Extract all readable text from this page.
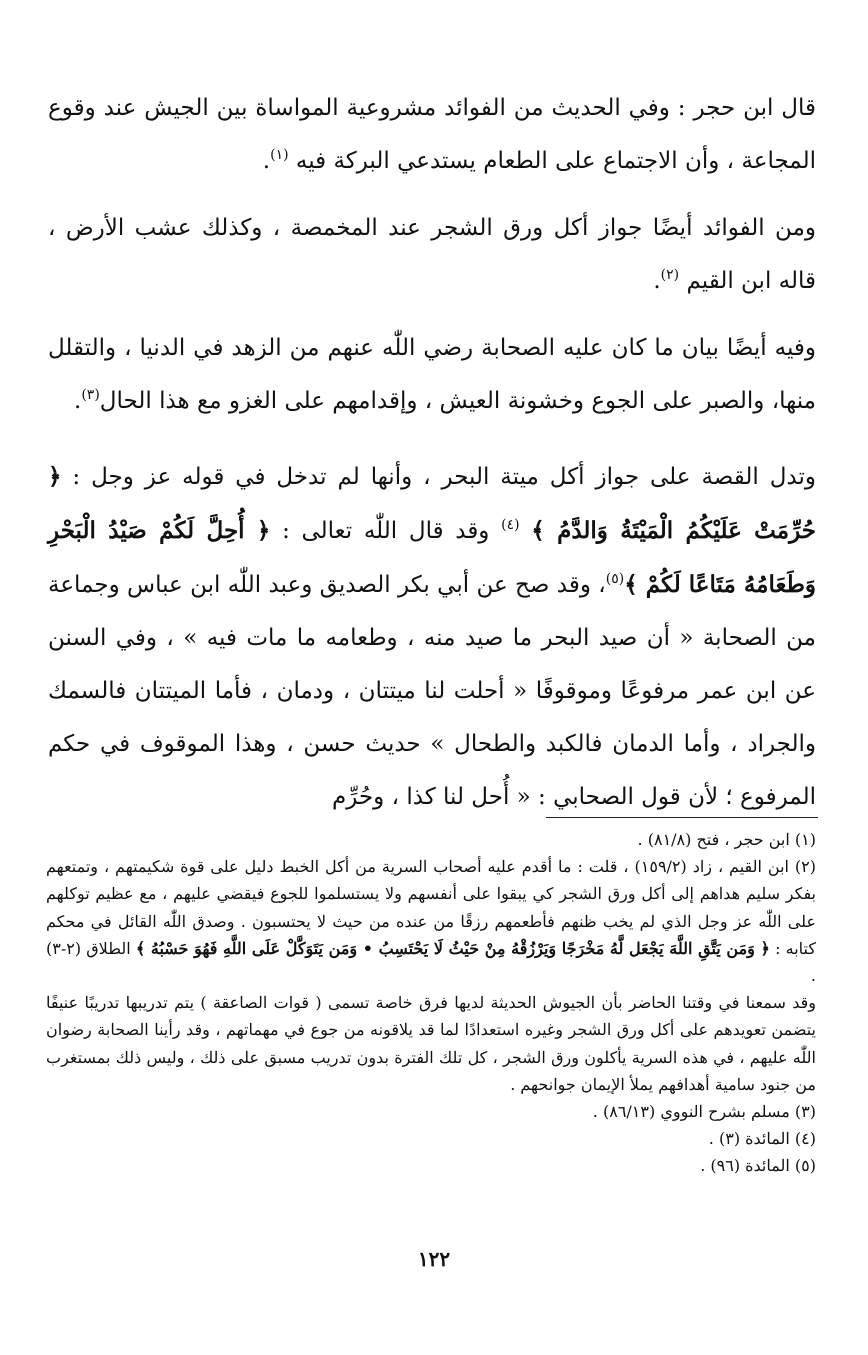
قال ابن حجر : وفي الحديث من الفوائد مشروعية المواساة بين الجيش عند وقوع المجاعة ، وأن الاجتماع على الطعام يستدعي البركة فيه $^{(١)}$.

ومن الفوائد أيضًا جواز أكل ورق الشجر عند المخمصة ، وكذلك عشب الأرض ، قاله ابن القيم $^{(٢)}$.

وفيه أيضًا بيان ما كان عليه الصحابة رضي اللّٰه عنهم من الزهد في الدنيا ، والتقلل منها، والصبر على الجوع وخشونة العيش ، وإقدامهم على الغزو مع هذا الحال$^{(٣)}$.

وتدل القصة على جواز أكل ميتة البحر ، وأنها لم تدخل في قوله عز وجل : ﴿ حُرِّمَتْ عَلَيْكُمُ الْمَيْتَةُ وَالدَّمُ ﴾ $^{(٤)}$ وقد قال اللّٰه تعالى : ﴿ أُحِلَّ لَكُمْ صَيْدُ الْبَحْرِ وَطَعَامُهُ مَتَاعًا لَكُمْ ﴾$^{(٥)}$، وقد صح عن أبي بكر الصديق وعبد اللّٰه ابن عباس وجماعة من الصحابة « أن صيد البحر ما صيد منه ، وطعامه ما مات فيه » ، وفي السنن عن ابن عمر مرفوعًا وموقوفًا « أحلت لنا ميتتان ، ودمان ، فأما الميتتان فالسمك والجراد ، وأما الدمان فالكبد والطحال » حديث حسن ، وهذا الموقوف في حكم المرفوع ؛ لأن قول الصحابي : « أُحل لنا كذا ، وحُرِّم

(١) ابن حجر ، فتح (٨١/٨) .

(٢) ابن القيم ، زاد (١٥٩/٢) ، قلت : ما أقدم عليه أصحاب السرية من أكل الخبط دليل على قوة شكيمتهم ، وتمتعهم بفكر سليم هداهم إلى أكل ورق الشجر كي يبقوا على أنفسهم ولا يستسلموا للجوع فيقضي عليهم ، مع عظيم توكلهم على اللّٰه عز وجل الذي لم يخب ظنهم فأطعمهم رزقًا من عنده من حيث لا يحتسبون . وصدق اللّٰه القائل في محكم كتابه : ﴿ وَمَن يَتَّقِ اللَّهَ يَجْعَل لَّهُ مَخْرَجًا وَيَرْزُقْهُ مِنْ حَيْثُ لَا يَحْتَسِبُ • وَمَن يَتَوَكَّلْ عَلَى اللَّهِ فَهُوَ حَسْبُهُ ﴾ الطلاق (٢-٣) .

وقد سمعنا في وقتنا الحاضر بأن الجيوش الحديثة لديها فرق خاصة تسمى ( قوات الصاعقة ) يتم تدريبها تدريبًا عنيفًا يتضمن تعويدهم على أكل ورق الشجر وغيره استعدادًا لما قد يلاقونه من جوع في مهماتهم ، وقد رأينا الصحابة رضوان اللّٰه عليهم ، في هذه السرية يأكلون ورق الشجر ، كل تلك الفترة بدون تدريب مسبق على ذلك ، وليس ذلك بمستغرب من جنود سامية أهدافهم يملأ الإيمان جوانحهم .

(٣) مسلم بشرح النووي (٨٦/١٣) .

(٤) المائدة (٣) .

(٥) المائدة (٩٦) .

١٢٢
